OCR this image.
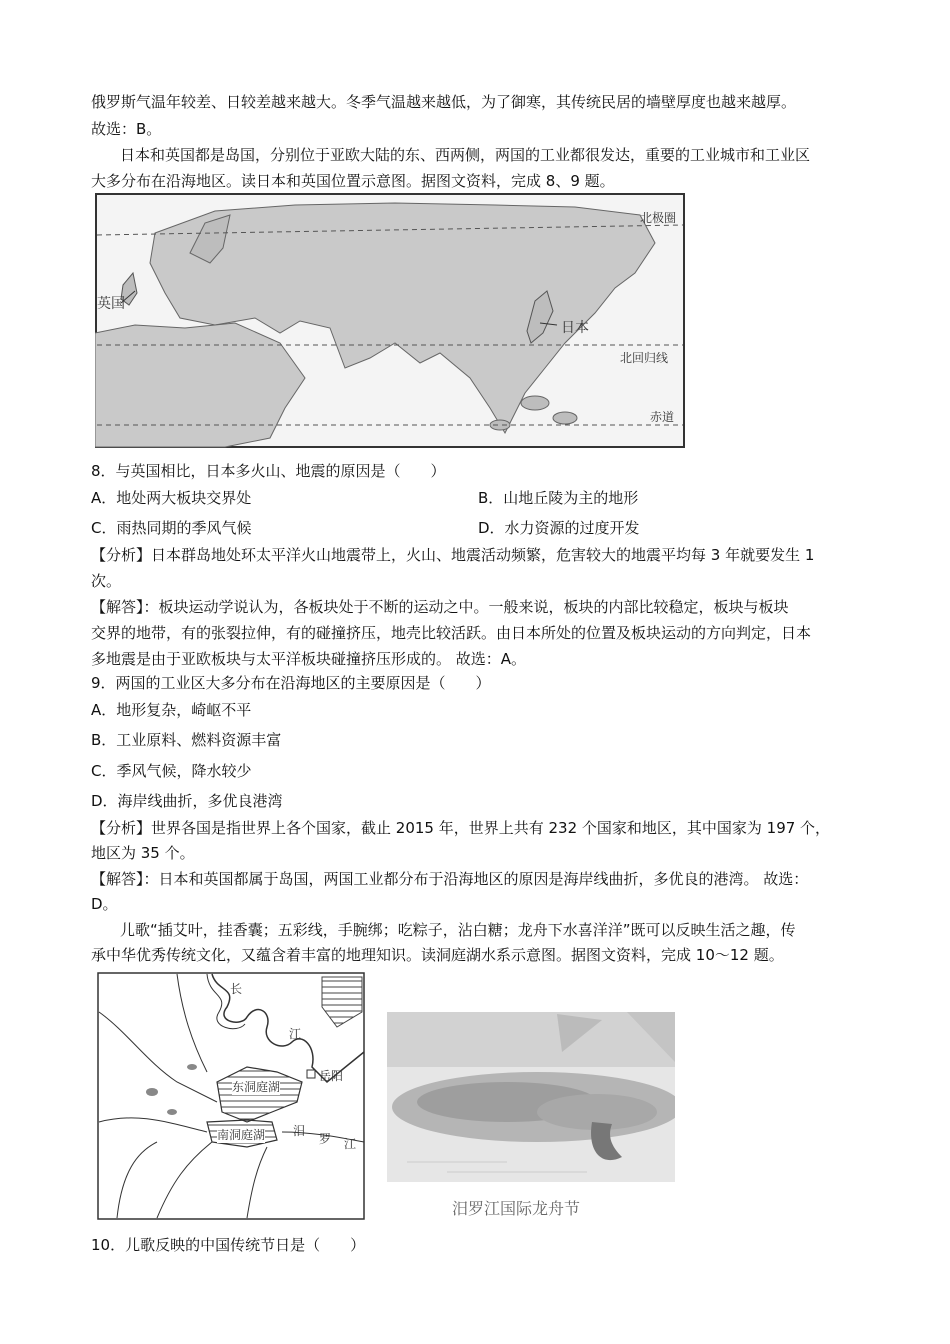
俄罗斯气温年较差、日较差越来越大。冬季气温越来越低，为了御寒，其传统民居的墙壁厚度也越来越厚。
故选：B。
日本和英国都是岛国，分别位于亚欧大陆的东、西两侧，两国的工业都很发达，重要的工业城市和工业区
大多分布在沿海地区。读日本和英国位置示意图。据图文资料，完成 8、9 题。
英国
日本
北极圈
北回归线
赤道
8．与英国相比，日本多火山、地震的原因是（　　）
A．地处两大板块交界处	B．山地丘陵为主的地形
C．雨热同期的季风气候	D．水力资源的过度开发
【分析】日本群岛地处环太平洋火山地震带上，火山、地震活动频繁，危害较大的地震平均每 3 年就要发生 1
次。
【解答】：板块运动学说认为，各板块处于不断的运动之中。一般来说，板块的内部比较稳定，板块与板块
交界的地带，有的张裂拉伸，有的碰撞挤压，地壳比较活跃。由日本所处的位置及板块运动的方向判定，日本
多地震是由于亚欧板块与太平洋板块碰撞挤压形成的。 故选：A。
9．两国的工业区大多分布在沿海地区的主要原因是（　　）
A．地形复杂，崎岖不平
B．工业原料、燃料资源丰富
C．季风气候，降水较少
D．海岸线曲折，多优良港湾
【分析】世界各国是指世界上各个国家，截止 2015 年，世界上共有 232 个国家和地区，其中国家为 197 个，
地区为 35 个。
【解答】：日本和英国都属于岛国，两国工业都分布于沿海地区的原因是海岸线曲折，多优良的港湾。 故选：
D。
儿歌“插艾叶，挂香囊；五彩线，手腕绑；吃粽子，沾白糖；龙舟下水喜洋洋”既可以反映生活之趣，传
承中华优秀传统文化，又蕴含着丰富的地理知识。读洞庭湖水系示意图。据图文资料，完成 10～12 题。
长
江
岳阳
东洞庭湖
南洞庭湖 汨
罗 江
汨罗江国际龙舟节
10．儿歌反映的中国传统节日是（　　）
